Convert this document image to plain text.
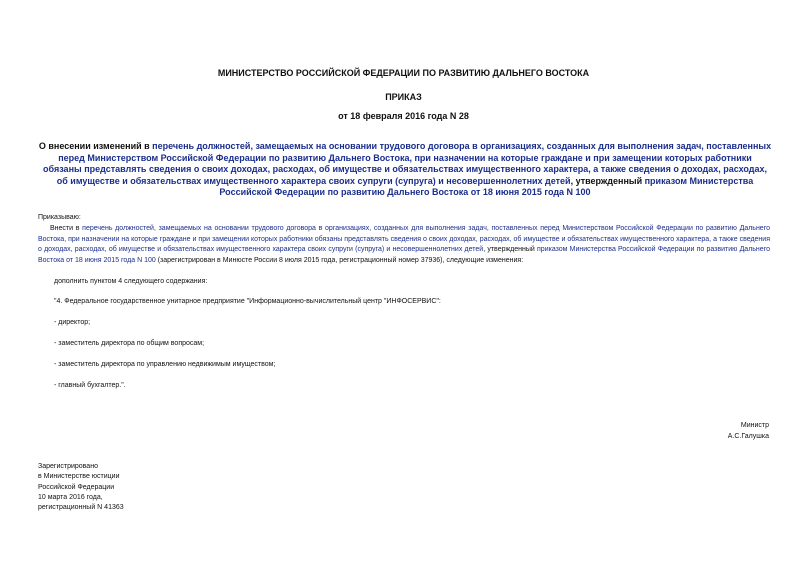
МИНИСТЕРСТВО РОССИЙСКОЙ ФЕДЕРАЦИИ ПО РАЗВИТИЮ ДАЛЬНЕГО ВОСТОКА
ПРИКАЗ
от 18 февраля 2016 года N 28
О внесении изменений в перечень должностей, замещаемых на основании трудового договора в организациях, созданных для выполнения задач, поставленных перед Министерством Российской Федерации по развитию Дальнего Востока, при назначении на которые граждане и при замещении которых работники обязаны представлять сведения о своих доходах, расходах, об имуществе и обязательствах имущественного характера, а также сведения о доходах, расходах, об имуществе и обязательствах имущественного характера своих супруги (супруга) и несовершеннолетних детей, утвержденный приказом Министерства Российской Федерации по развитию Дальнего Востока от 18 июня 2015 года N 100
Приказываю:
Внести в перечень должностей, замещаемых на основании трудового договора в организациях, созданных для выполнения задач, поставленных перед Министерством Российской Федерации по развитию Дальнего Востока, при назначении на которые граждане и при замещении которых работники обязаны представлять сведения о своих доходах, расходах, об имуществе и обязательствах имущественного характера, а также сведения о доходах, расходах, об имуществе и обязательствах имущественного характера своих супруги (супруга) и несовершеннолетних детей, утвержденный приказом Министерства Российской Федерации по развитию Дальнего Востока от 18 июня 2015 года N 100 (зарегистрирован в Минюсте России 8 июля 2015 года, регистрационный номер 37936), следующие изменения:
дополнить пунктом 4 следующего содержания:
"4. Федеральное государственное унитарное предприятие "Информационно-вычислительный центр "ИНФОСЕРВИС":
- директор;
- заместитель директора по общим вопросам;
- заместитель директора по управлению недвижимым имуществом;
- главный бухгалтер.".
Министр
А.С.Галушка
Зарегистрировано
в Министерстве юстиции
Российской Федерации
10 марта 2016 года,
регистрационный N 41363
